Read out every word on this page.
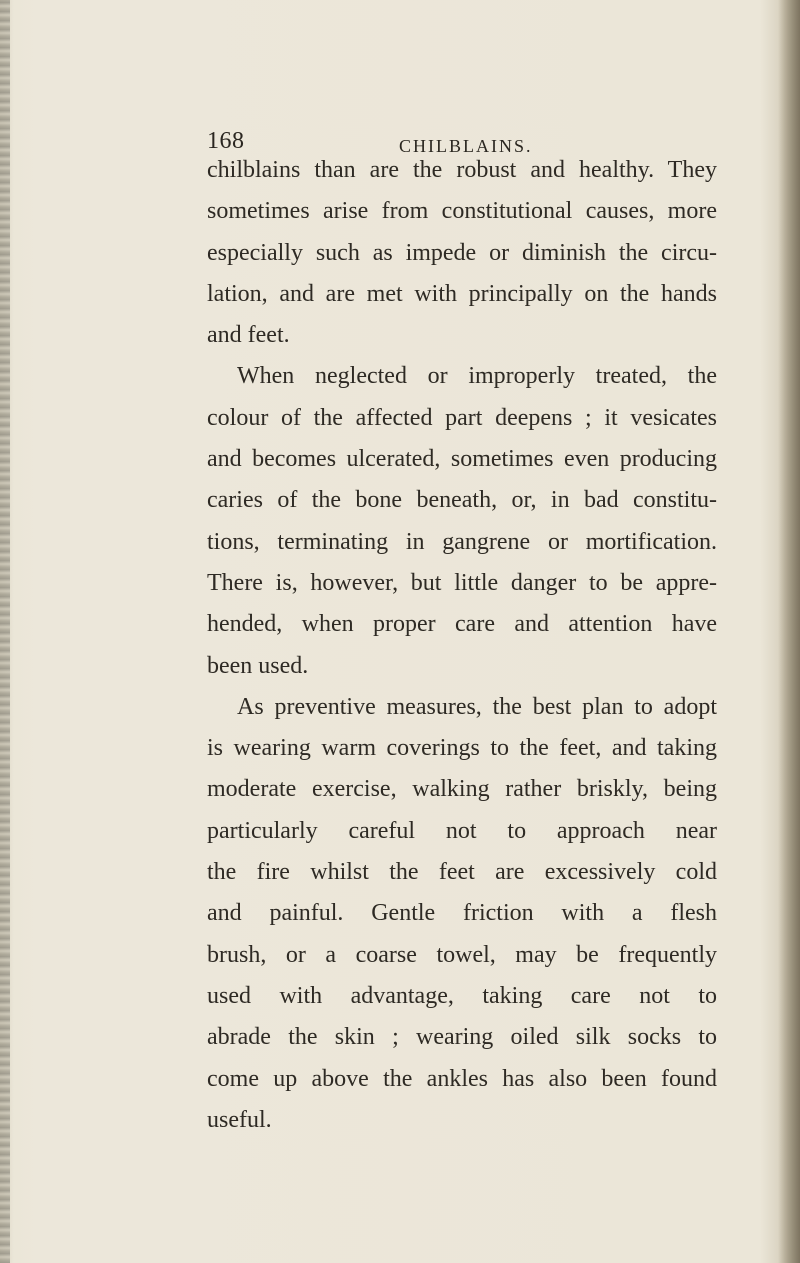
168	CHILBLAINS.
chilblains than are the robust and healthy. They
sometimes arise from constitutional causes, more
especially such as impede or diminish the circu-
lation, and are met with principally on the hands
and feet.
When neglected or improperly treated, the
colour of the affected part deepens ; it vesicates
and becomes ulcerated, sometimes even producing
caries of the bone beneath, or, in bad constitu-
tions, terminating in gangrene or mortification.
There is, however, but little danger to be appre-
hended, when proper care and attention have
been used.
As preventive measures, the best plan to adopt
is wearing warm coverings to the feet, and taking
moderate exercise, walking rather briskly, being
particularly careful not to approach near
the fire whilst the feet are excessively cold
and painful. Gentle friction with a flesh
brush, or a coarse towel, may be frequently
used with advantage, taking care not to
abrade the skin ; wearing oiled silk socks to
come up above the ankles has also been found
useful.
